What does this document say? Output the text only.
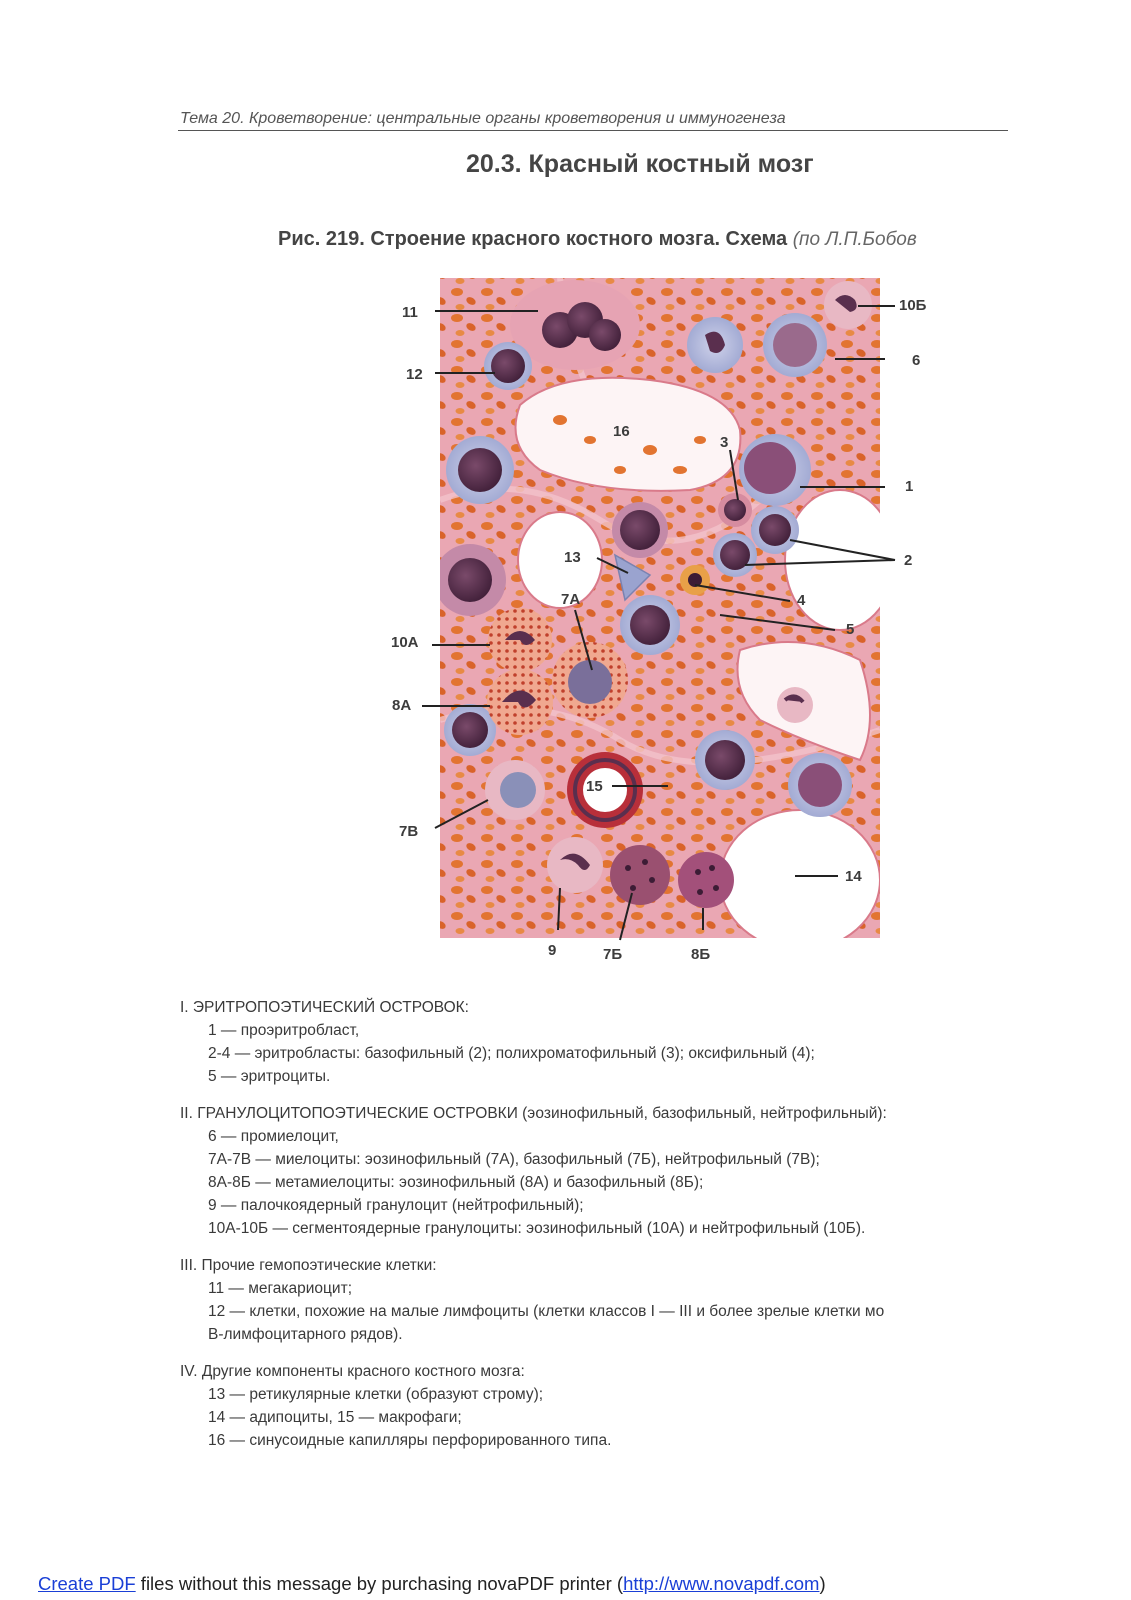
Тема 20. Кроветворение: центральные органы кроветворения и иммуногенеза
20.3. Красный костный мозг
Рис. 219. Строение красного костного мозга. Схема (по Л.П.Бобов
11	10Б
12
6
16
3
1
13	2
7А	4
10А
5
8А
15
7В
14
9	7Б	8Б
I. ЭРИТРОПОЭТИЧЕСКИЙ ОСТРОВОК:
1 — проэритробласт,
2-4 — эритробласты: базофильный (2); полихроматофильный (3); оксифильный (4);
5 — эритроциты.
II. ГРАНУЛОЦИТОПОЭТИЧЕСКИЕ ОСТРОВКИ (эозинофильный, базофильный, нейтрофильный):
6 — промиелоцит,
7А-7В — миелоциты: эозинофильный (7А), базофильный (7Б), нейтрофильный (7В);
8А-8Б — метамиелоциты: эозинофильный (8А) и базофильный (8Б);
9 — палочкоядерный гранулоцит (нейтрофильный);
10А-10Б — сегментоядерные гранулоциты: эозинофильный (10А) и нейтрофильный (10Б).
III. Прочие гемопоэтические клетки:
11 — мегакариоцит;
12 — клетки, похожие на малые лимфоциты (клетки классов I — III и более зрелые клетки мо
В-лимфоцитарного рядов).
IV. Другие компоненты красного костного мозга:
13 — ретикулярные клетки (образуют строму);
14 — адипоциты, 15 — макрофаги;
16 — синусоидные капилляры перфорированного типа.
Create PDF files without this message by purchasing novaPDF printer (http://www.novapdf.com)
